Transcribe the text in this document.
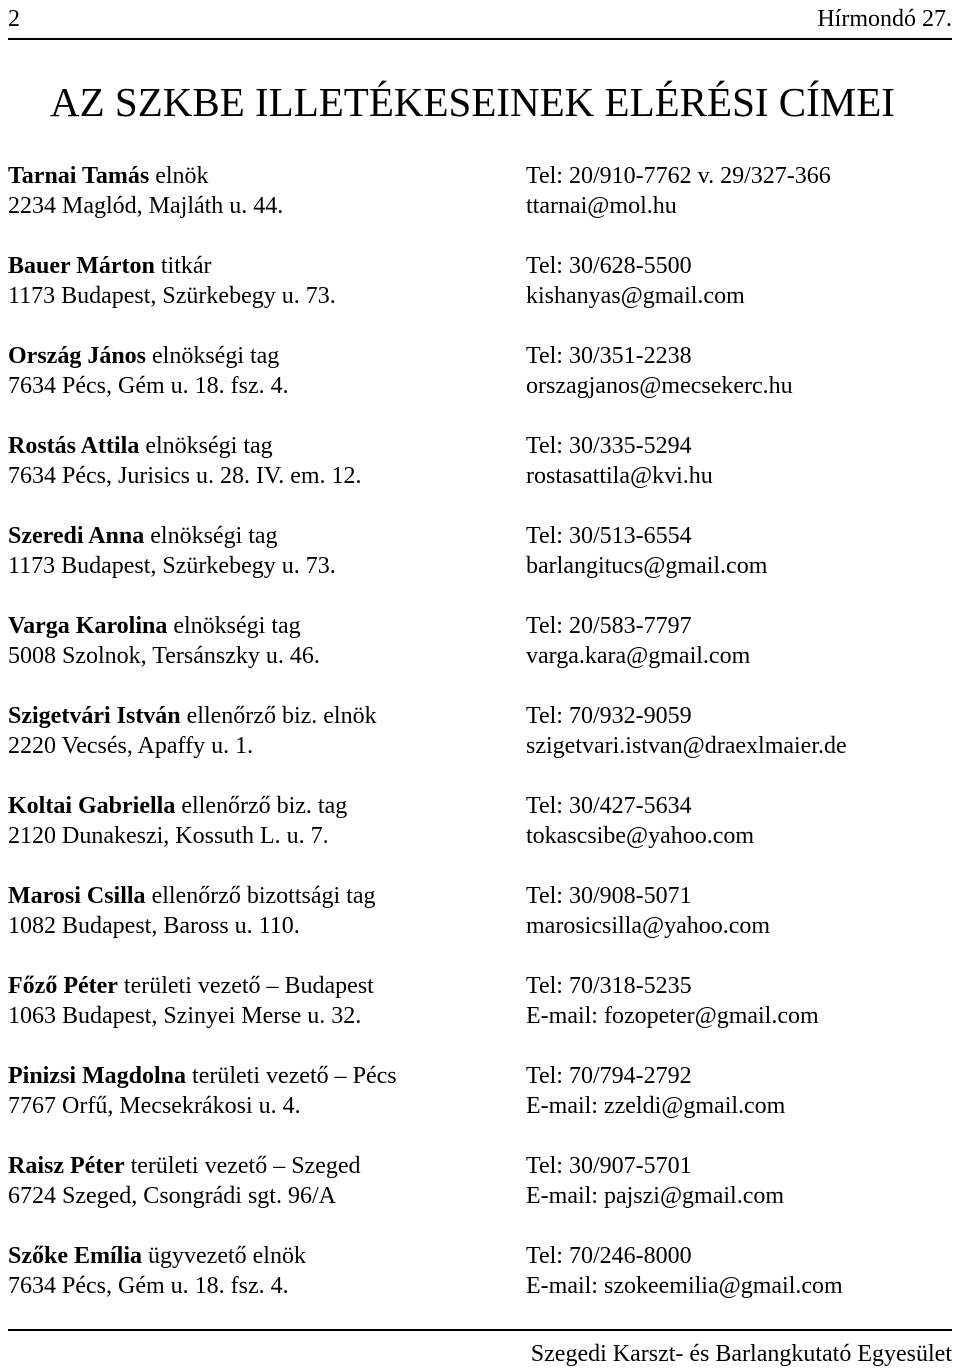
2	Hírmondó 27.
AZ SZKBE ILLETÉKESEINEK ELÉRÉSI CÍMEI
Tarnai Tamás elnök
2234 Maglód, Majláth u. 44.
Tel: 20/910-7762 v. 29/327-366
ttarnai@mol.hu
Bauer Márton titkár
1173 Budapest, Szürkebegy u. 73.
Tel: 30/628-5500
kishanyas@gmail.com
Ország János elnökségi tag
7634 Pécs, Gém u. 18. fsz. 4.
Tel: 30/351-2238
orszagjanos@mecsekerc.hu
Rostás Attila elnökségi tag
7634 Pécs, Jurisics u. 28. IV. em. 12.
Tel: 30/335-5294
rostasattila@kvi.hu
Szeredi Anna elnökségi tag
1173 Budapest, Szürkebegy u. 73.
Tel: 30/513-6554
barlangitucs@gmail.com
Varga Karolina elnökségi tag
5008 Szolnok, Tersánszky u. 46.
Tel: 20/583-7797
varga.kara@gmail.com
Szigetvári István ellenőrző biz. elnök
2220 Vecsés, Apaffy u. 1.
Tel: 70/932-9059
szigetvari.istvan@draexlmaier.de
Koltai Gabriella ellenőrző biz. tag
2120 Dunakeszi, Kossuth L. u. 7.
Tel: 30/427-5634
tokascsibe@yahoo.com
Marosi Csilla ellenőrző bizottsági tag
1082 Budapest, Baross u. 110.
Tel: 30/908-5071
marosicsilla@yahoo.com
Főző Péter területi vezető – Budapest
1063 Budapest, Szinyei Merse u. 32.
Tel: 70/318-5235
E-mail: fozopeter@gmail.com
Pinizsi Magdolna területi vezető – Pécs
7767 Orfű, Mecsekrákosi u. 4.
Tel: 70/794-2792
E-mail: zzeldi@gmail.com
Raisz Péter területi vezető – Szeged
6724 Szeged, Csongrádi sgt. 96/A
Tel: 30/907-5701
E-mail: pajszi@gmail.com
Szőke Emília ügyvezető elnök
7634 Pécs, Gém u. 18. fsz. 4.
Tel: 70/246-8000
E-mail: szokeemilia@gmail.com
Szegedi Karszt- és Barlangkutató Egyesület
